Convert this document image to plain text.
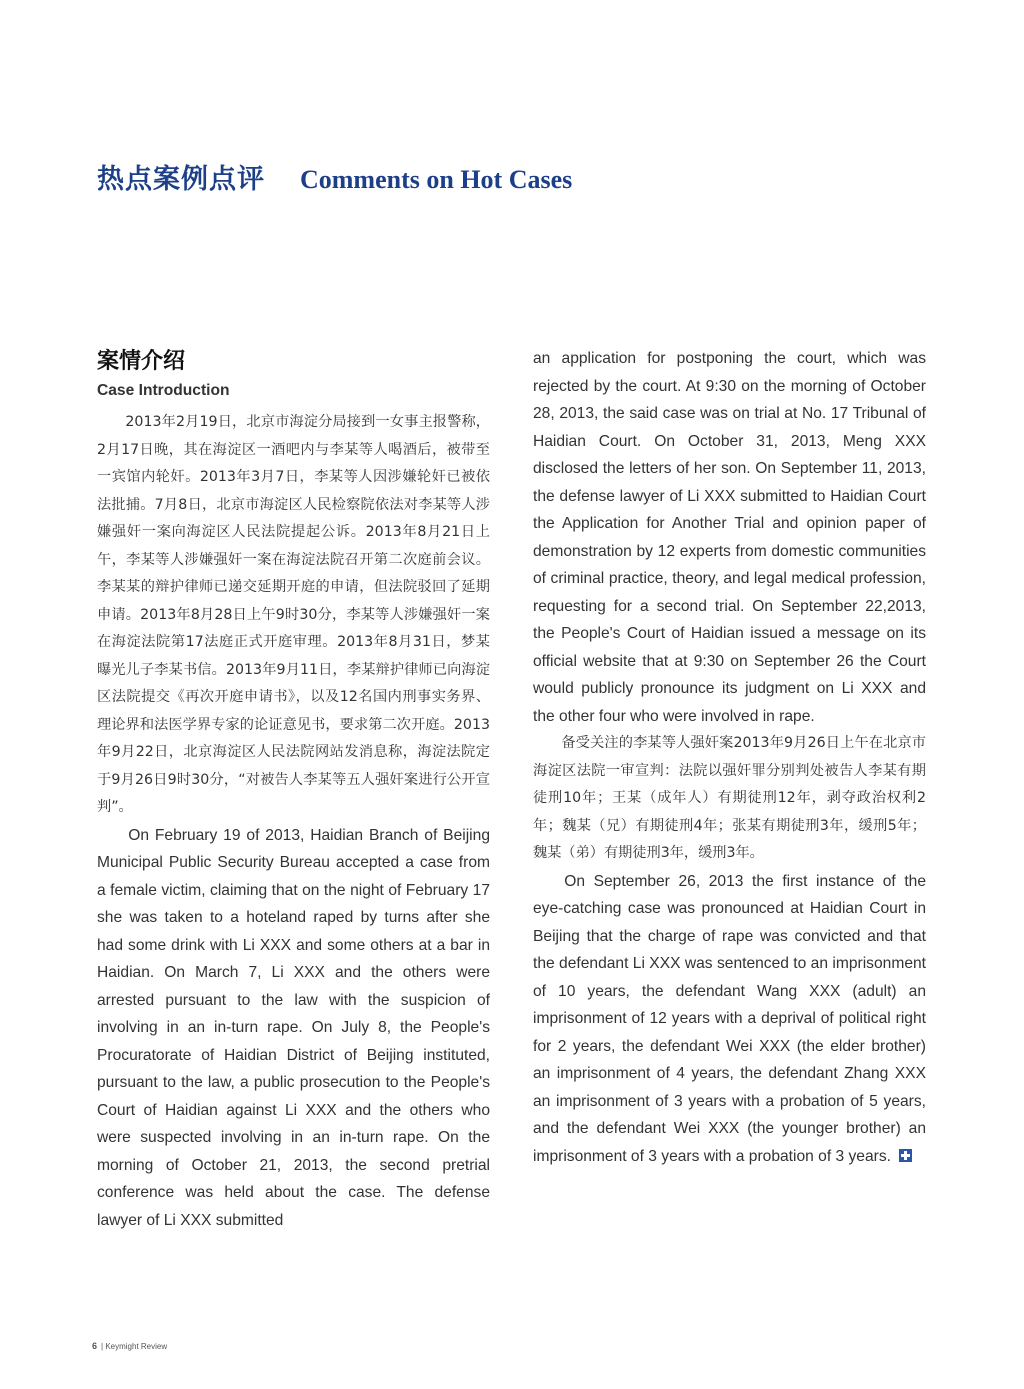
热点案例点评 Comments on Hot Cases
案情介绍
Case Introduction

2013年2月19日，北京市海淀分局接到一女事主报警称，2月17日晚，其在海淀区一酒吧内与李某等人喝酒后，被带至一宾馆内轮奸。2013年3月7日，李某等人因涉嫌轮奸已被依法批捕。7月8日，北京市海淀区人民检察院依法对李某等人涉嫌强奸一案向海淀区人民法院提起公诉。2013年8月21日上午，李某等人涉嫌强奸一案在海淀法院召开第二次庭前会议。李某某的辩护律师已递交延期开庭的申请，但法院驳回了延期申请。2013年8月28日上午9时30分，李某等人涉嫌强奸一案在海淀法院第17法庭正式开庭审理。2013年8月31日，梦某曝光儿子李某书信。2013年9月11日，李某辩护律师已向海淀区法院提交《再次开庭申请书》，以及12名国内刑事实务界、理论界和法医学界专家的论证意见书，要求第二次开庭。2013年9月22日，北京海淀区人民法院网站发消息称，海淀法院定于9月26日9时30分，“对被告人李某等五人强奸案进行公开宣判”。

On February 19 of 2013, Haidian Branch of Beijing Municipal Public Security Bureau accepted a case from a female victim, claiming that on the night of February 17 she was taken to a hoteland raped by turns after she had some drink with Li XXX and some others at a bar in Haidian. On March 7, Li XXX and the others were arrested pursuant to the law with the suspicion of involving in an in-turn rape. On July 8, the People's Procuratorate of Haidian District of Beijing instituted, pursuant to the law, a public prosecution to the People's Court of Haidian against Li XXX and the others who were suspected involving in an in-turn rape. On the morning of October 21, 2013, the second pretrial conference was held about the case. The defense lawyer of Li XXX submitted

an application for postponing the court, which was rejected by the court. At 9:30 on the morning of October 28, 2013, the said case was on trial at No. 17 Tribunal of Haidian Court. On October 31, 2013, Meng XXX disclosed the letters of her son. On September 11, 2013, the defense lawyer of Li XXX submitted to Haidian Court the Application for Another Trial and opinion paper of demonstration by 12 experts from domestic communities of criminal practice, theory, and legal medical profession, requesting for a second trial. On September 22,2013, the People's Court of Haidian issued a message on its official website that at 9:30 on September 26 the Court would publicly pronounce its judgment on Li XXX and the other four who were involved in rape.

备受关注的李某等人强奸案2013年9月26日上午在北京市海淀区法院一审宣判：法院以强奸罪分别判处被告人李某有期徒刑10年；王某（成年人）有期徒刑12年，剥夺政治权利2年；魏某（兄）有期徒刑4年；张某有期徒刑3年，缓刑5年；魏某（弟）有期徒刑3年，缓刑3年。

On September 26, 2013 the first instance of the eye-catching case was pronounced at Haidian Court in Beijing that the charge of rape was convicted and that the defendant Li XXX was sentenced to an imprisonment of 10 years, the defendant Wang XXX (adult) an imprisonment of 12 years with a deprival of political right for 2 years, the defendant Wei XXX (the elder brother) an imprisonment of 4 years, the defendant Zhang XXX an imprisonment of 3 years with a probation of 5 years, and the defendant Wei XXX (the younger brother) an imprisonment of 3 years with a probation of 3 years.

6 | Keymight Review
